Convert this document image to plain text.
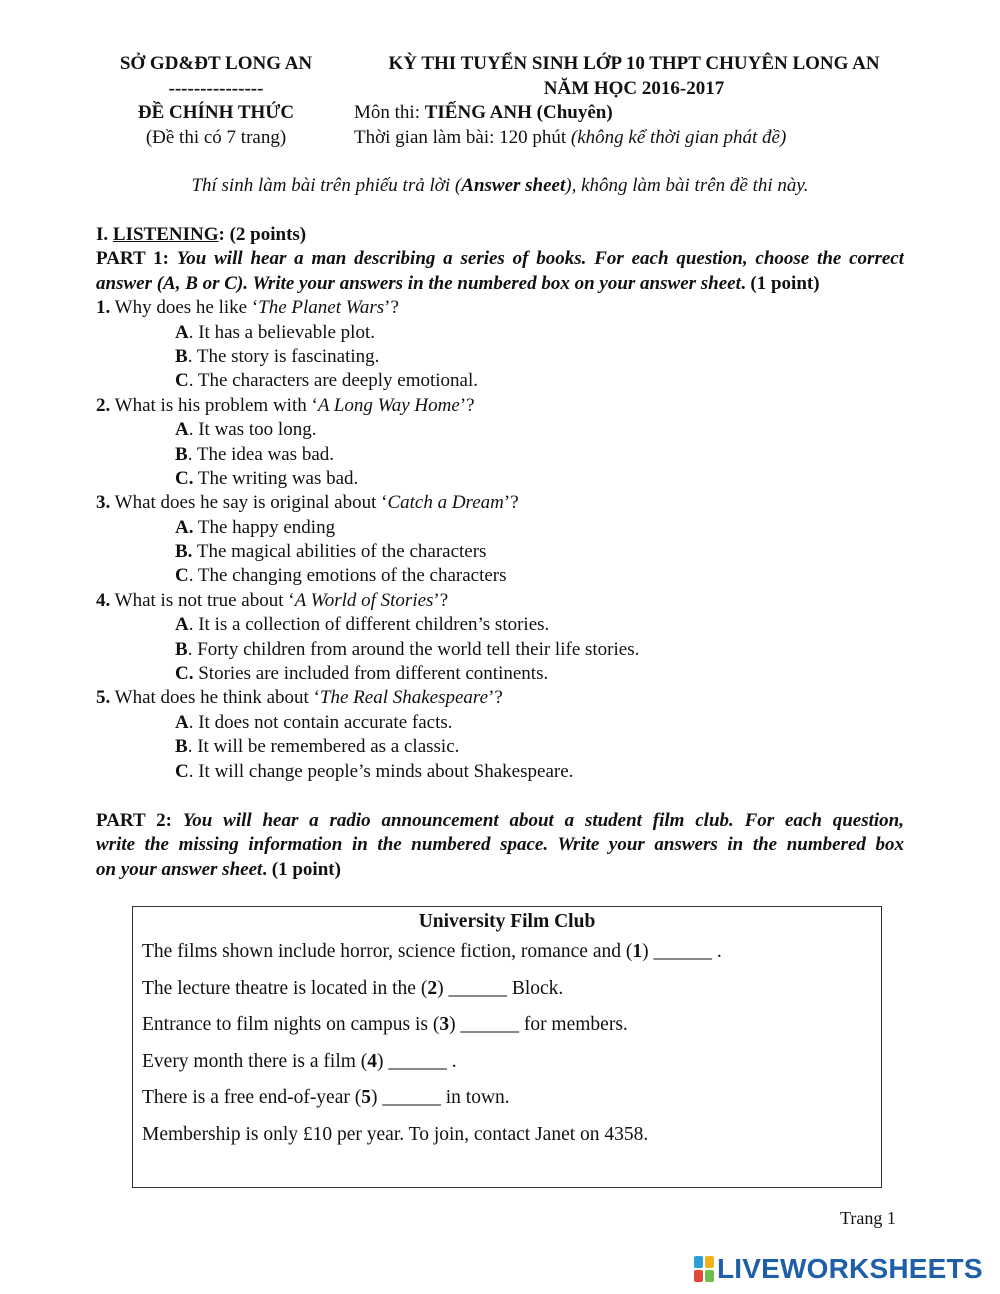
SỞ GD&ĐT LONG AN
---------------
ĐỀ CHÍNH THỨC
(Đề thi có 7 trang)
KỲ THI TUYỂN SINH LỚP 10 THPT CHUYÊN LONG AN
NĂM HỌC 2016-2017
Môn thi: TIẾNG ANH (Chuyên)
Thời gian làm bài: 120 phút (không kể thời gian phát đề)
Thí sinh làm bài trên phiếu trả lời (Answer sheet), không làm bài trên đề thi này.
I. LISTENING: (2 points)
PART 1: You will hear a man describing a series of books. For each question, choose the correct
answer (A, B or C). Write your answers in the numbered box on your answer sheet. (1 point)
1. Why does he like ‘The Planet Wars’?
A. It has a believable plot.
B. The story is fascinating.
C. The characters are deeply emotional.
2. What is his problem with ‘A Long Way Home’?
A. It was too long.
B. The idea was bad.
C. The writing was bad.
3. What does he say is original about ‘Catch a Dream’?
A. The happy ending
B. The magical abilities of the characters
C. The changing emotions of the characters
4. What is not true about ‘A World of Stories’?
A. It is a collection of different children’s stories.
B. Forty children from around the world tell their life stories.
C. Stories are included from different continents.
5. What does he think about ‘The Real Shakespeare’?
A. It does not contain accurate facts.
B. It will be remembered as a classic.
C. It will change people’s minds about Shakespeare.
PART 2: You will hear a radio announcement about a student film club. For each question,
write the missing information in the numbered space. Write your answers in the numbered box
on your answer sheet. (1 point)
University Film Club
The films shown include horror, science fiction, romance and (1) ______ .
The lecture theatre is located in the (2) ______ Block.
Entrance to film nights on campus is (3) ______ for members.
Every month there is a film (4) ______ .
There is a free end-of-year (5) ______ in town.
Membership is only £10 per year. To join, contact Janet on 4358.
Trang 1
LIVEWORKSHEETS
